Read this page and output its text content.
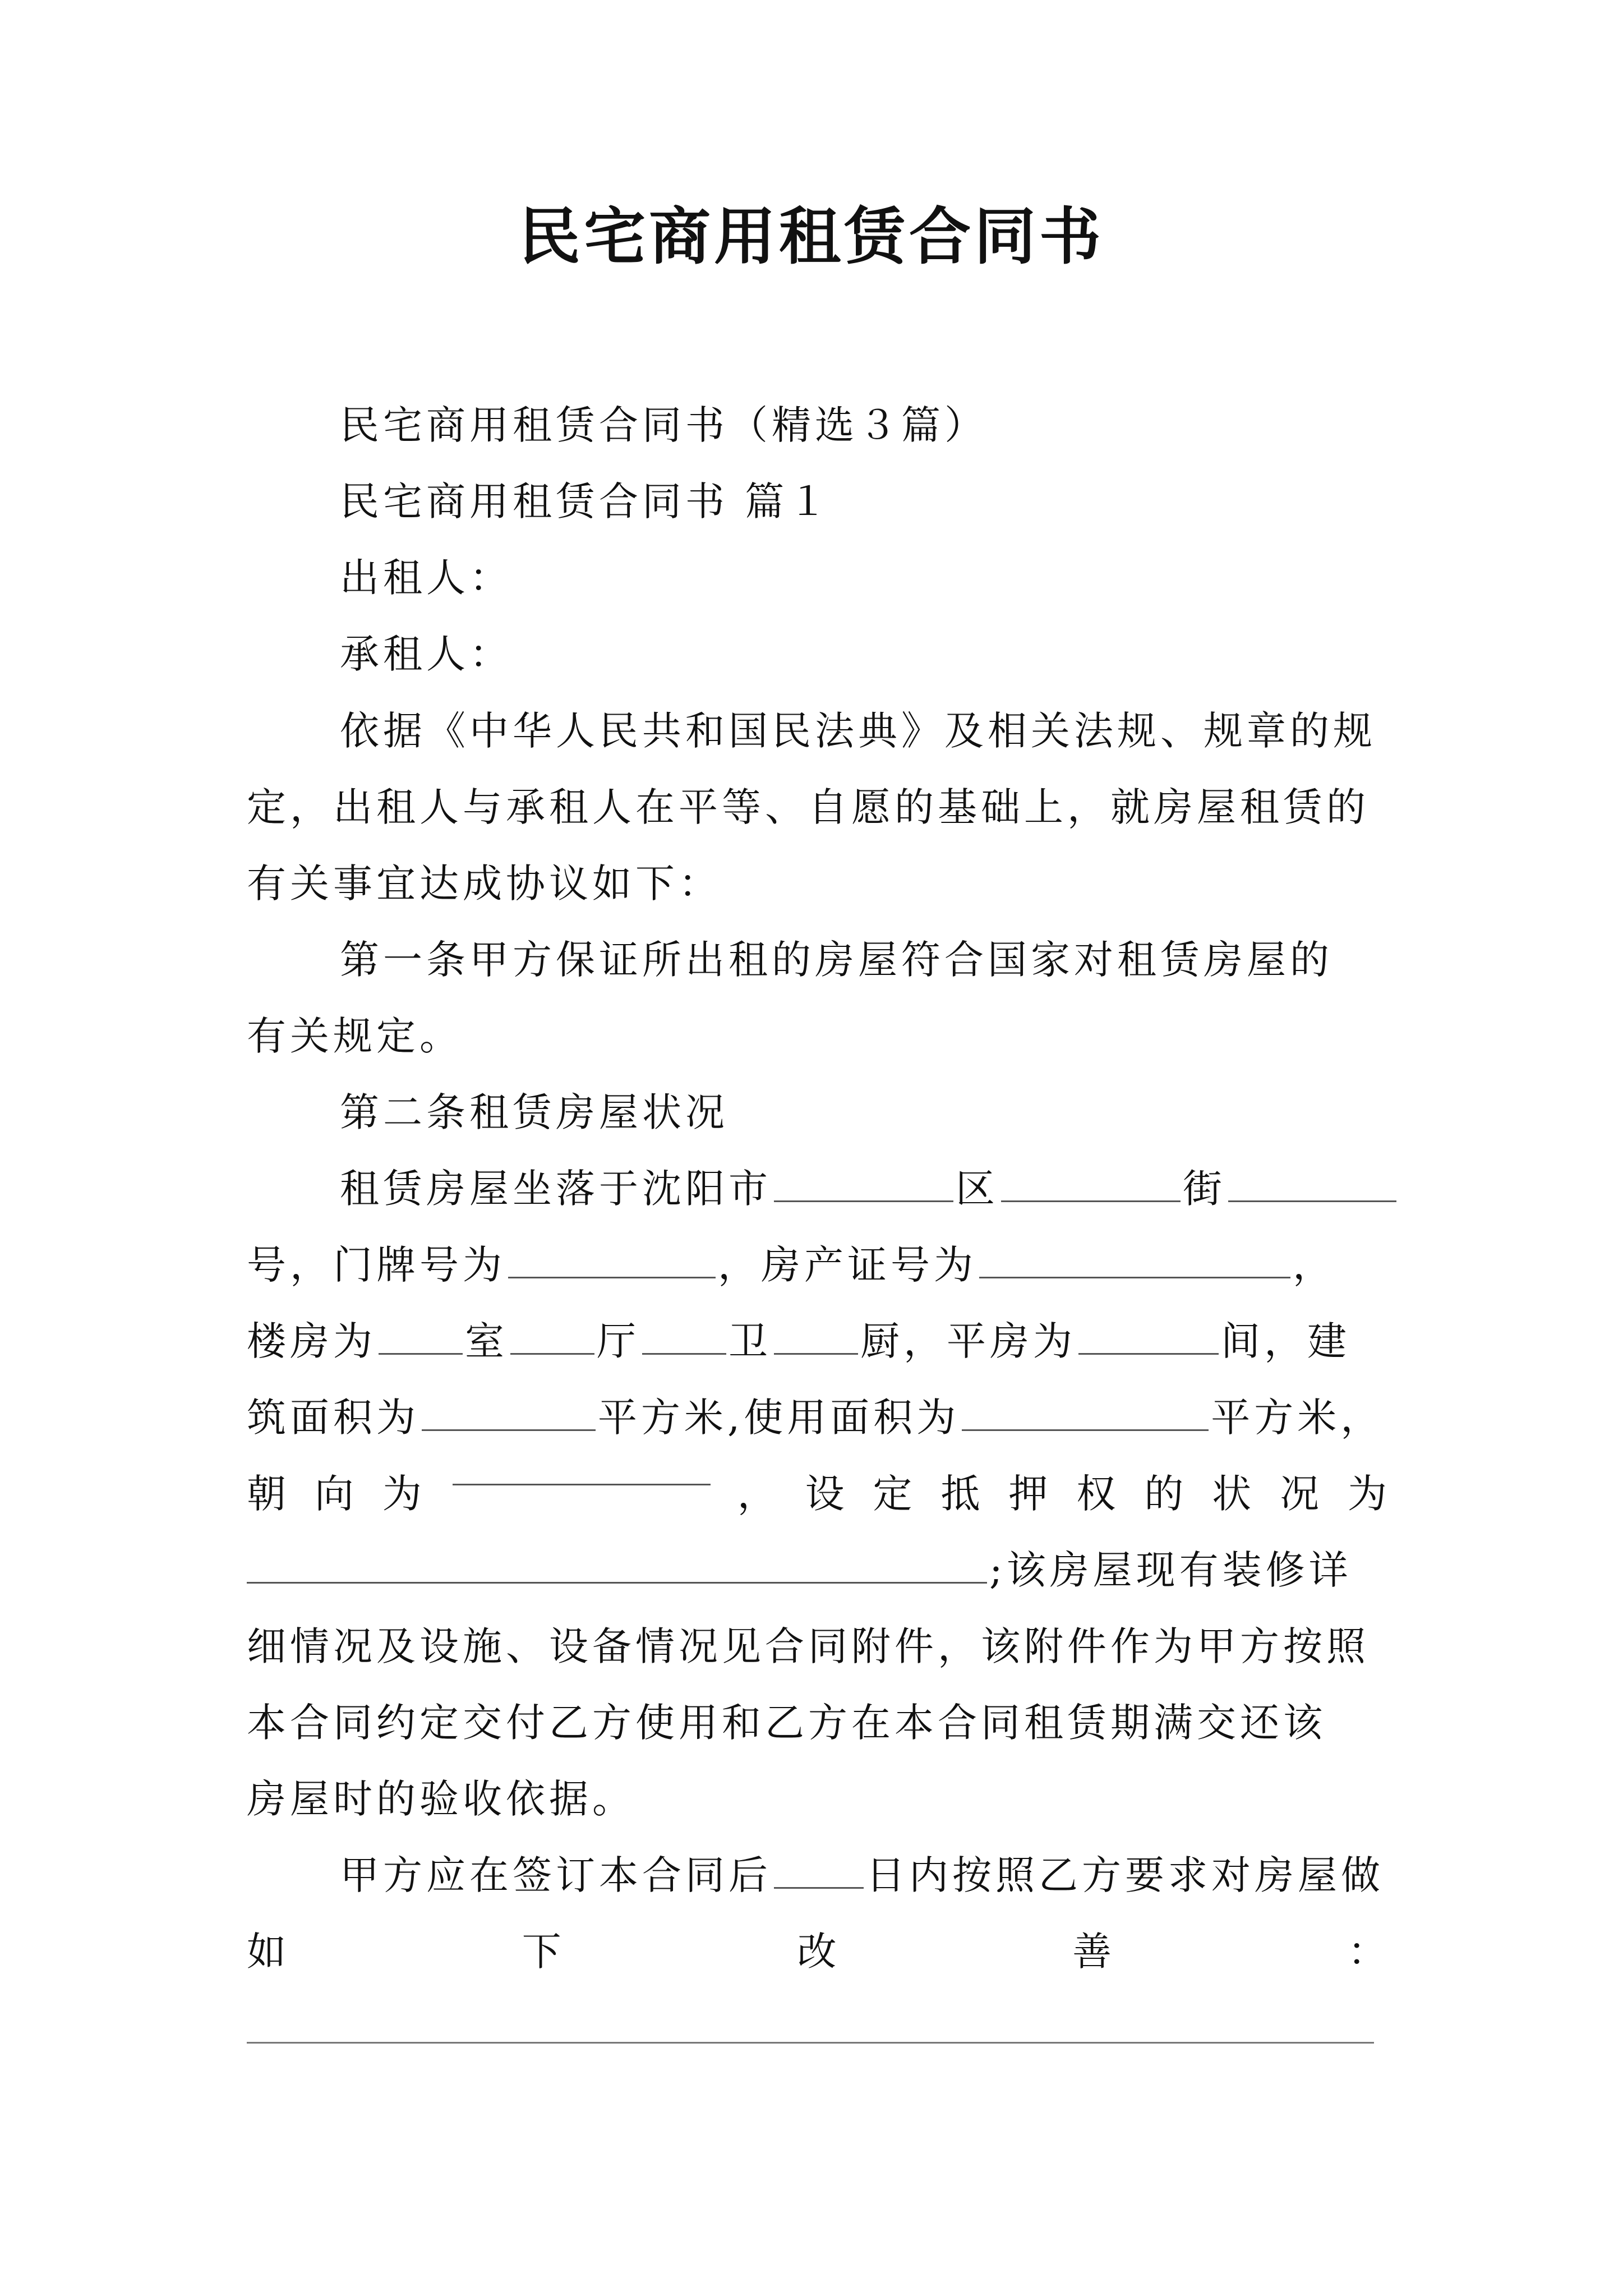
民宅商用租赁合同书
民宅商用租赁合同书（精选３篇）
民宅商用租赁合同书 篇１
出租人：
承租人：
依据《中华人民共和国民法典》及相关法规、规章的规
定，出租人与承租人在平等、自愿的基础上，就房屋租赁的
有关事宜达成协议如下：
第一条甲方保证所出租的房屋符合国家对租赁房屋的
有关规定。
第二条租赁房屋状况
租赁房屋坐落于沈阳市	区	街
号，门牌号为	，房产证号为	，
楼房为 室 厅 卫 厨，平房为	间，建
筑面积为	平方米,使用面积为	平方米，
朝 向 为	， 设 定 抵 押 权 的 状 况 为
;该房屋现有装修详
细情况及设施、设备情况见合同附件，该附件作为甲方按照
本合同约定交付乙方使用和乙方在本合同租赁期满交还该
房屋时的验收依据。
甲方应在签订本合同后 日内按照乙方要求对房屋做
如	下	改	善	：
